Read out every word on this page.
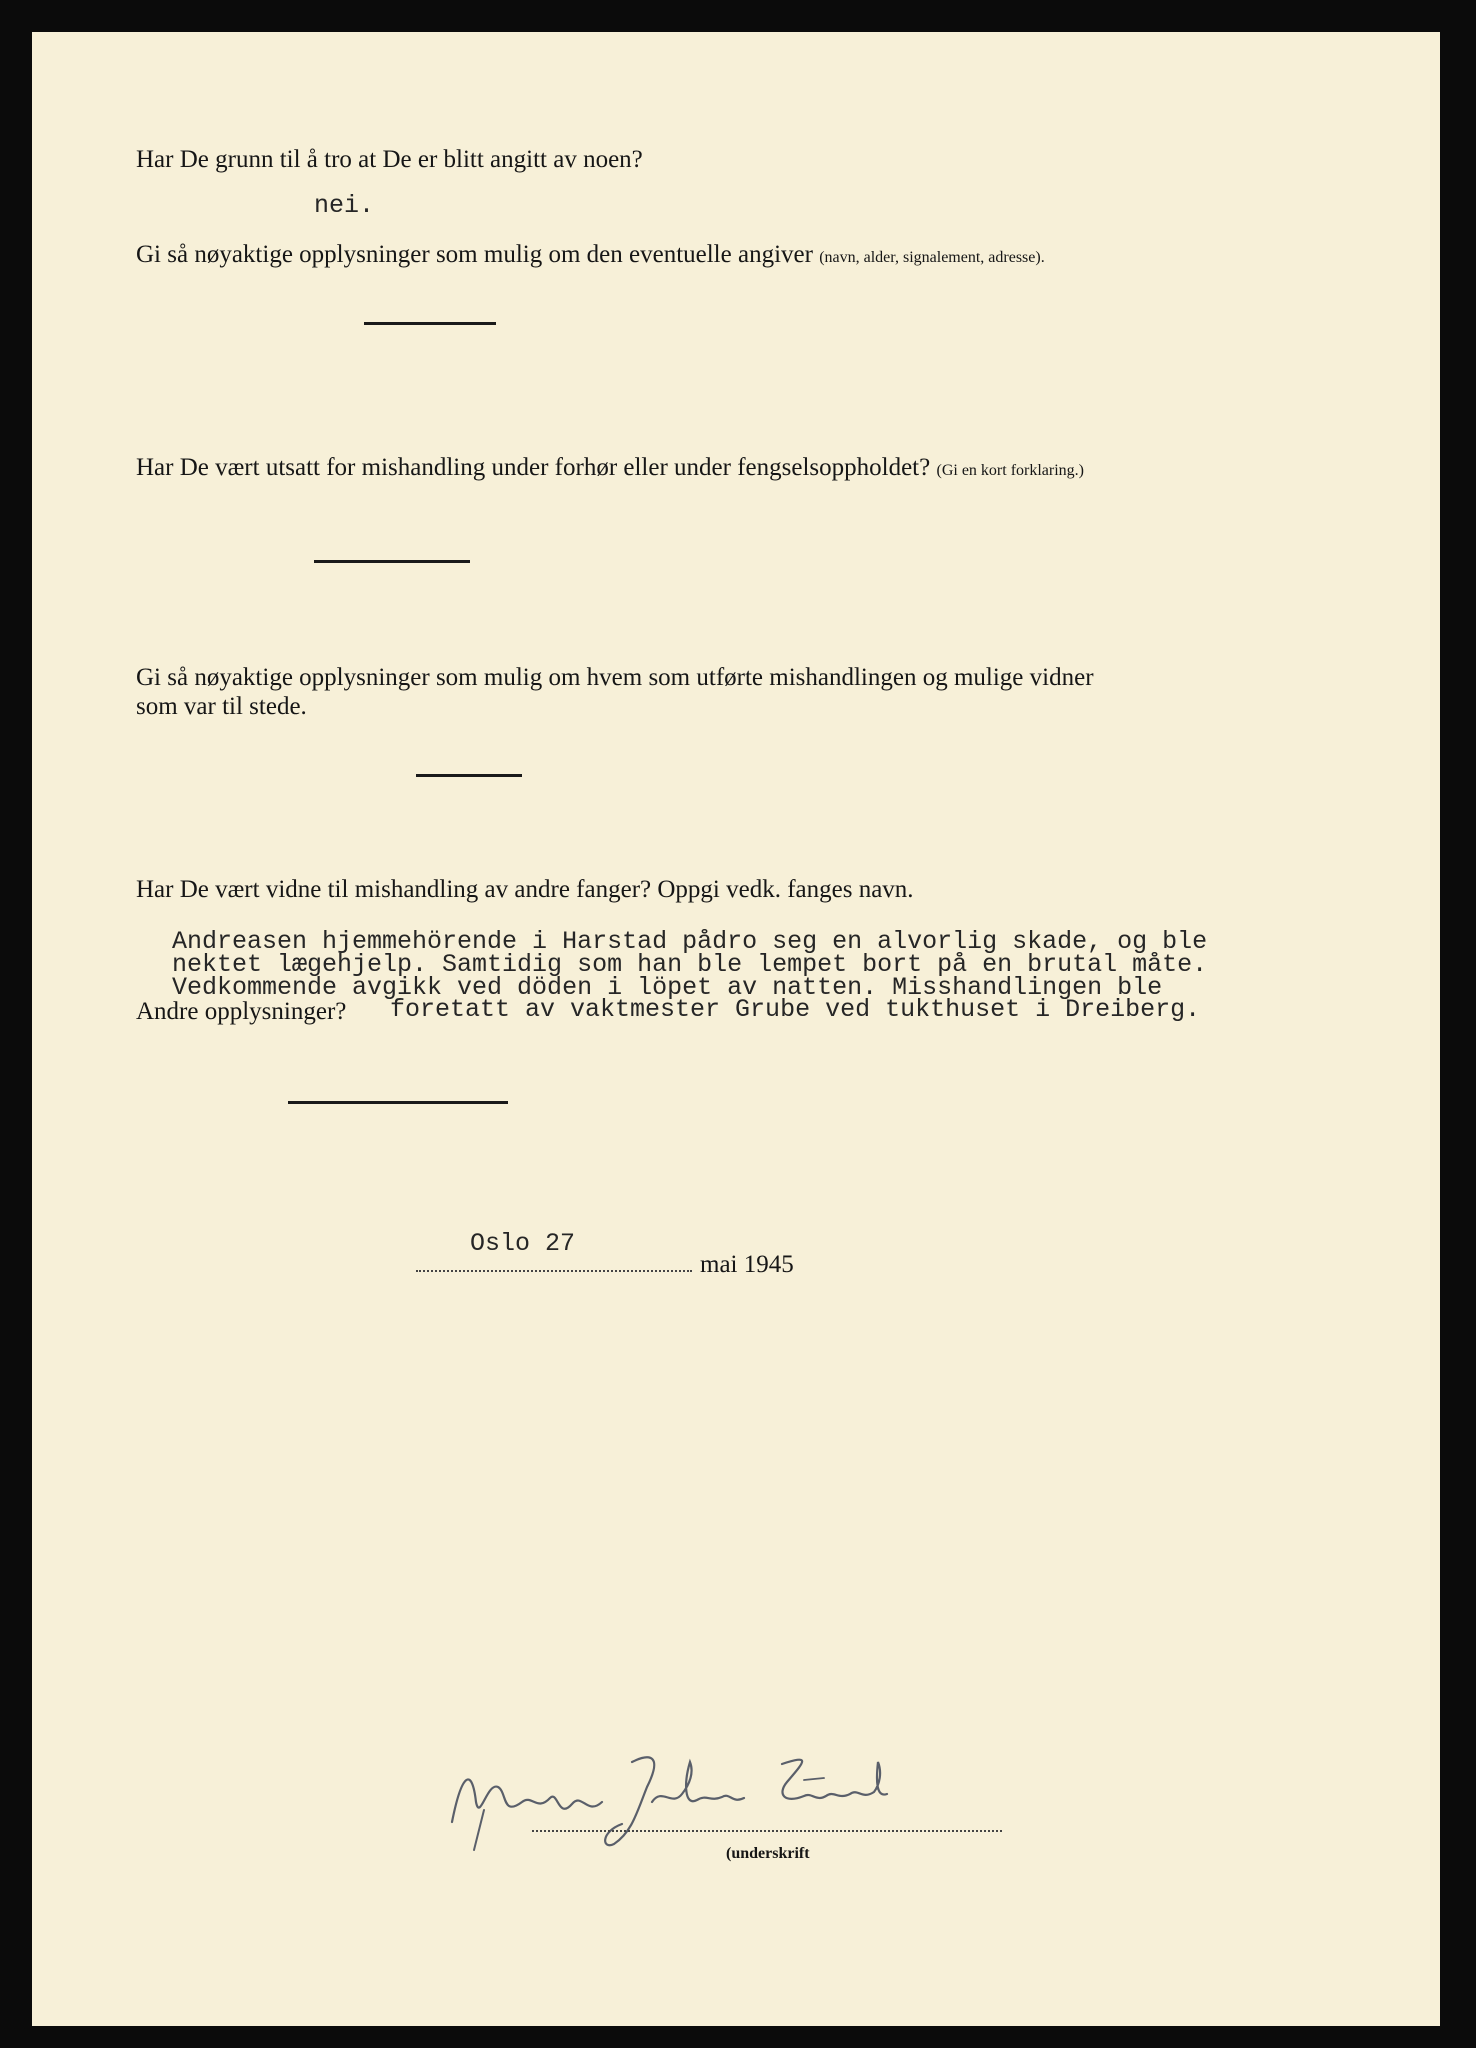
Har De grunn til å tro at De er blitt angitt av noen?

nei.

Gi så nøyaktige opplysninger som mulig om den eventuelle angiver (navn, alder, signalement, adresse).

Har De vært utsatt for mishandling under forhør eller under fengselsoppholdet? (Gi en kort forklaring.)

Gi så nøyaktige opplysninger som mulig om hvem som utførte mishandlingen og mulige vidner

som var til stede.

Har De vært vidne til mishandling av andre fanger? Oppgi vedk. fanges navn.

Andreasen hjemmehörende i Harstad pådro seg en alvorlig skade, og ble

nektet lægehjelp. Samtidig som han ble lempet bort på en brutal måte.

Vedkommende avgikk ved döden i löpet av natten. Misshandlingen ble

Andre opplysninger? foretatt av vaktmester Grube ved tukthuset i Dreiberg.

Oslo 27

mai 1945

(underskrift
